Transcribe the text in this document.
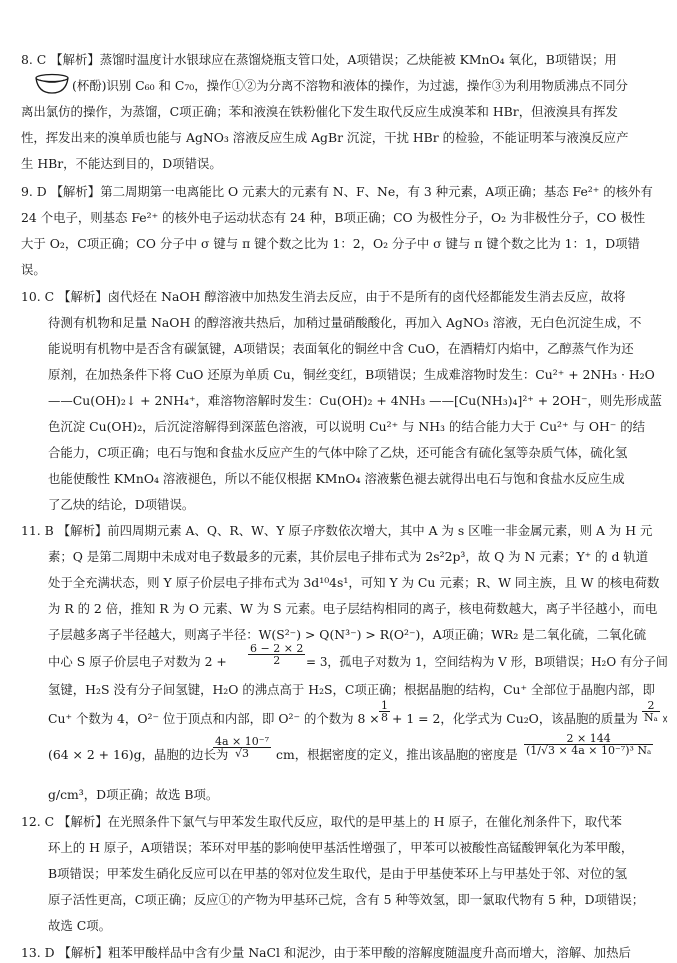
8. C 【解析】蒸馏时温度计水银球应在蒸馏烧瓶支管口处，A项错误；乙炔能被 KMnO₄ 氧化，B项错误；用
(杯酚)识别 C₆₀ 和 C₇₀，操作①②为分离不溶物和液体的操作，为过滤，操作③为利用物质沸点不同分
离出氯仿的操作，为蒸馏，C项正确；苯和液溴在铁粉催化下发生取代反应生成溴苯和 HBr，但液溴具有挥发
性，挥发出来的溴单质也能与 AgNO₃ 溶液反应生成 AgBr 沉淀，干扰 HBr 的检验，不能证明苯与液溴反应产
生 HBr，不能达到目的，D项错误。
9. D 【解析】第二周期第一电离能比 O 元素大的元素有 N、F、Ne，有 3 种元素，A项正确；基态 Fe²⁺ 的核外有
24 个电子，则基态 Fe²⁺ 的核外电子运动状态有 24 种，B项正确；CO 为极性分子，O₂ 为非极性分子，CO 极性
大于 O₂，C项正确；CO 分子中 σ 键与 π 键个数之比为 1：2，O₂ 分子中 σ 键与 π 键个数之比为 1：1，D项错
误。
10. C 【解析】卤代烃在 NaOH 醇溶液中加热发生消去反应，由于不是所有的卤代烃都能发生消去反应，故将
待测有机物和足量 NaOH 的醇溶液共热后，加稍过量硝酸酸化，再加入 AgNO₃ 溶液，无白色沉淀生成，不
能说明有机物中是否含有碳氯键，A项错误；表面氧化的铜丝中含 CuO，在酒精灯内焰中，乙醇蒸气作为还
原剂，在加热条件下将 CuO 还原为单质 Cu，铜丝变红，B项错误；生成难溶物时发生：Cu²⁺ + 2NH₃ · H₂O
——Cu(OH)₂↓ + 2NH₄⁺，难溶物溶解时发生：Cu(OH)₂ + 4NH₃ ——[Cu(NH₃)₄]²⁺ + 2OH⁻，则先形成蓝
色沉淀 Cu(OH)₂，后沉淀溶解得到深蓝色溶液，可以说明 Cu²⁺ 与 NH₃ 的结合能力大于 Cu²⁺ 与 OH⁻ 的结
合能力，C项正确；电石与饱和食盐水反应产生的气体中除了乙炔，还可能含有硫化氢等杂质气体，硫化氢
也能使酸性 KMnO₄ 溶液褪色，所以不能仅根据 KMnO₄ 溶液紫色褪去就得出电石与饱和食盐水反应生成
了乙炔的结论，D项错误。
11. B 【解析】前四周期元素 A、Q、R、W、Y 原子序数依次增大，其中 A 为 s 区唯一非金属元素，则 A 为 H 元
素；Q 是第二周期中未成对电子数最多的元素，其价层电子排布式为 2s²2p³，故 Q 为 N 元素；Y⁺ 的 d 轨道
处于全充满状态，则 Y 原子价层电子排布式为 3d¹⁰4s¹，可知 Y 为 Cu 元素；R、W 同主族，且 W 的核电荷数
为 R 的 2 倍，推知 R 为 O 元素、W 为 S 元素。电子层结构相同的离子，核电荷数越大，离子半径越小，而电
子层越多离子半径越大，则离子半径：W(S²⁻) > Q(N³⁻) > R(O²⁻)，A项正确；WR₂ 是二氧化硫，二氧化硫
中心 S 原子价层电子对数为 $2 + \frac{6 - 2 \times 2}{2} = 3$，孤电子对数为 1，空间结构为 V 形，B项错误；H₂O 有分子间
氢键，H₂S 没有分子间氢键，H₂O 的沸点高于 H₂S，C项正确；根据晶胞的结构，Cu⁺ 全部位于晶胞内部，即
Cu⁺ 个数为 4，O²⁻ 位于顶点和内部，即 O²⁻ 的个数为 $8 \times \frac{1}{8} + 1 = 2$，化学式为 Cu₂O，该晶胞的质量为 $\frac{2}{\text{Nₐ}}$ ×
(64 × 2 + 16)g，晶胞的边长为
$\frac{\text{4a × 10⁻⁷}}{√3}$ cm，根据密度的定义，推出该晶胞的密度是 $\frac{2 \times 144}{\text{(1/√3 × 4a × 10⁻⁷)³ Nₐ}}$
g/cm³，D项正确；故选 B项。
12. C 【解析】在光照条件下氯气与甲苯发生取代反应，取代的是甲基上的 H 原子，在催化剂条件下，取代苯
环上的 H 原子，A项错误；苯环对甲基的影响使甲基活性增强了，甲苯可以被酸性高锰酸钾氧化为苯甲酸，
B项错误；甲苯发生硝化反应可以在甲基的邻对位发生取代，是由于甲基使苯环上与甲基处于邻、对位的氢
原子活性更高，C项正确；反应①的产物为甲基环己烷，含有 5 种等效氢，即一氯取代物有 5 种，D项错误；
故选 C项。
13. D 【解析】粗苯甲酸样品中含有少量 NaCl 和泥沙，由于苯甲酸的溶解度随温度升高而增大，溶解、加热后
